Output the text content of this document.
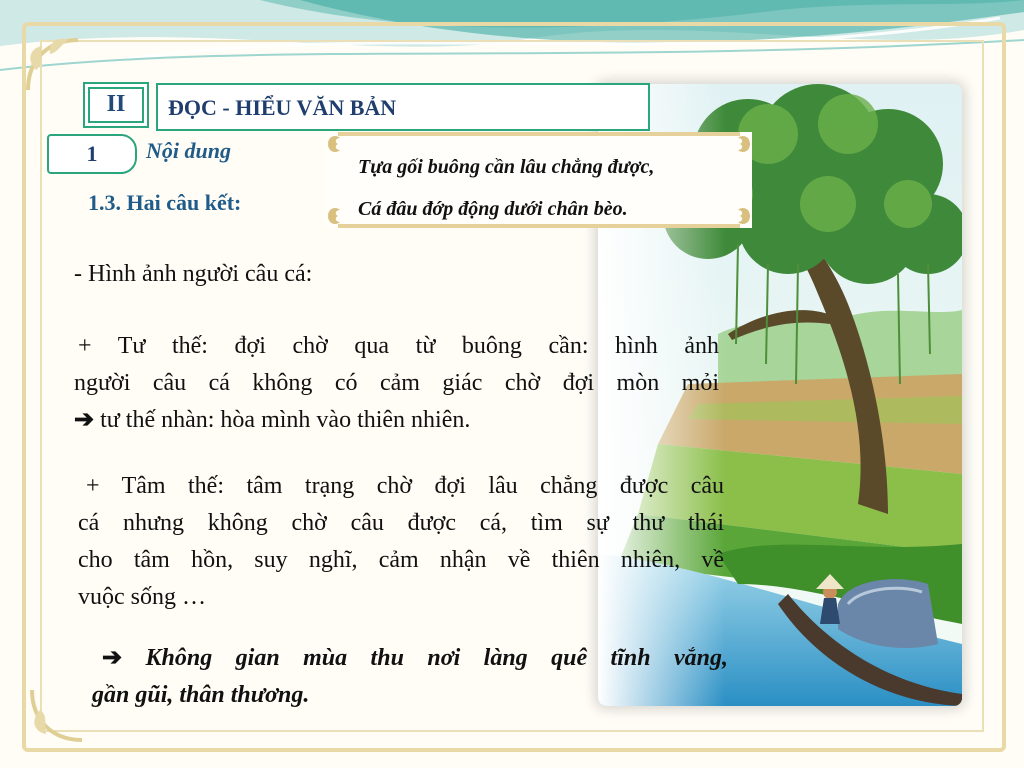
II	ĐỌC - HIỂU VĂN BẢN
1	Nội dung
1.3. Hai câu kết:
Tựa gối buông cần lâu chẳng được,
Cá đâu đớp động dưới chân bèo.

- Hình ảnh người câu cá:

+ Tư thế: đợi chờ qua từ buông cần: hình ảnh

người câu cá không có cảm giác chờ đợi mòn mỏi

➔ tư thế nhàn: hòa mình vào thiên nhiên.

+ Tâm thế: tâm trạng chờ đợi lâu chẳng được câu

cá nhưng không chờ câu được cá, tìm sự thư thái

cho tâm hồn, suy nghĩ, cảm nhận về thiên nhiên, về

vuộc sống …

➔ Không gian mùa thu nơi làng quê tĩnh vắng,

gần gũi, thân thương.
